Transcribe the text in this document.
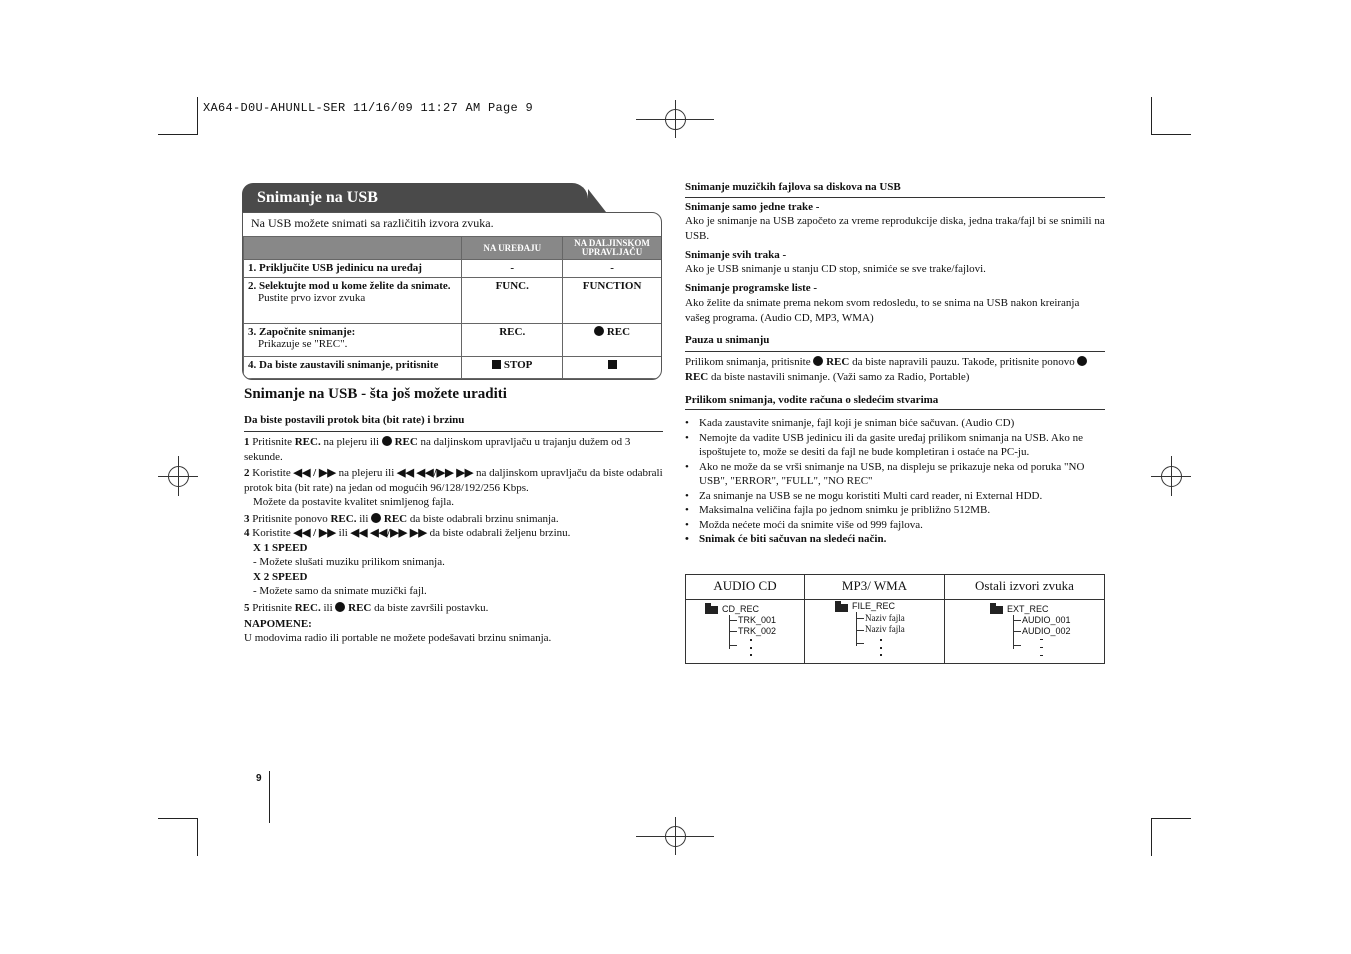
XA64-D0U-AHUNLL-SER 11/16/09 11:27 AM Page 9
Snimanje na USB
Na USB možete snimati sa različitih izvora zvuka.
	NA UREĐAJU	NA DALJINSKOM UPRAVLJAČU
1. Priključite USB jedinicu na uređaj	-	-

2. Selektujte mod u kome želite da snimate.
Pustite prvo izvor zvuka	FUNC.	FUNCTION

3. Započnite snimanje:
Prikazuje se "REC".	REC.	REC
4. Da biste zaustavili snimanje, pritisnite	STOP	
Snimanje na USB - šta još možete uraditi
Da biste postavili protok bita (bit rate) i brzinu
1 Pritisnite REC. na plejeru ili  REC na daljinskom upravljaču u trajanju dužem od 3 sekunde.
2 Koristite ◀◀ / ▶▶ na plejeru ili ◀◀ ◀◀/▶▶ ▶▶ na daljinskom upravljaču da biste odabrali protok bita (bit rate) na jedan od mogućih 96/128/192/256 Kbps.
Možete da postavite kvalitet snimljenog fajla.
3 Pritisnite ponovo REC. ili  REC da biste odabrali brzinu snimanja.
4 Koristite ◀◀ / ▶▶ ili ◀◀ ◀◀/▶▶ ▶▶ da biste odabrali željenu brzinu.
X 1 SPEED
- Možete slušati muziku prilikom snimanja.
X 2 SPEED
- Možete samo da snimate muzički fajl.
5 Pritisnite REC. ili  REC da biste završili postavku.
NAPOMENE:
U modovima radio ili portable ne možete podešavati brzinu snimanja.
9
Snimanje muzičkih fajlova sa diskova na USB
Snimanje samo jedne trake -
Ako je snimanje na USB započeto za vreme reprodukcije diska, jedna traka/fajl bi se snimili na USB.
Snimanje svih traka -
Ako je USB snimanje u stanju CD stop, snimiće se sve trake/fajlovi.
Snimanje programske liste -
Ako želite da snimate prema nekom svom redosledu, to se snima na USB nakon kreiranja vašeg programa. (Audio CD, MP3, WMA)
Pauza u snimanju
Prilikom snimanja, pritisnite  REC da biste napravili pauzu. Takođe, pritisnite ponovo  REC da biste nastavili snimanje. (Važi samo za Radio, Portable)
Prilikom snimanja, vodite računa o sledećim stvarima
• Kada zaustavite snimanje, fajl koji je sniman biće sačuvan. (Audio CD)
• Nemojte da vadite USB jedinicu ili da gasite uređaj prilikom snimanja na USB. Ako ne ispoštujete to, može se desiti da fajl ne bude kompletiran i ostaće na PC-ju.
• Ako ne može da se vrši snimanje na USB, na displeju se prikazuje neka od poruka "NO USB", "ERROR", "FULL", "NO REC"
• Za snimanje na USB se ne mogu koristiti Multi card reader, ni External HDD.
• Maksimalna veličina fajla po jednom snimku je približno 512MB.
• Možda nećete moći da snimite više od 999 fajlova.
• Snimak će biti sačuvan na sledeći način.
AUDIO CD
CD_REC
TRK_001
TRK_002
MP3/ WMA
FILE_REC
Naziv fajla
Naziv fajla
Ostali izvori zvuka
EXT_REC
AUDIO_001
AUDIO_002
